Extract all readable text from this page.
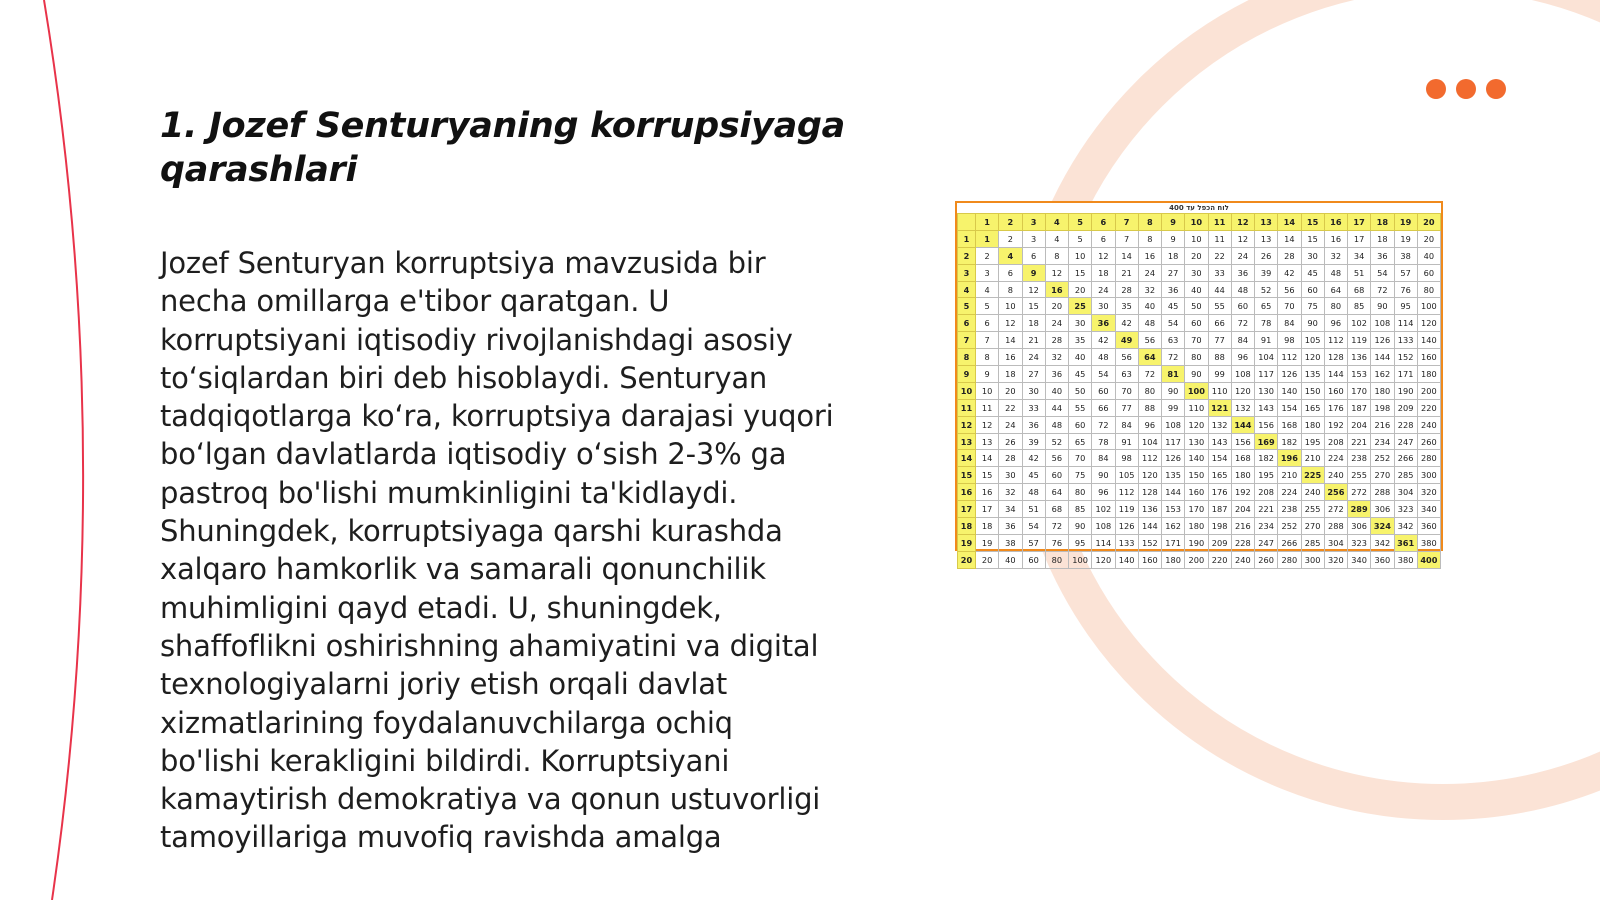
1. Jozef Senturyaning korrupsiyaga qarashlari

Jozef Senturyan korruptsiya mavzusida bir necha omillarga e'tibor qaratgan. U korruptsiyani iqtisodiy rivojlanishdagi asosiy to‘siqlardan biri deb hisoblaydi. Senturyan tadqiqotlarga ko‘ra, korruptsiya darajasi yuqori bo‘lgan davlatlarda iqtisodiy o‘sish 2-3% ga pastroq bo'lishi mumkinligini ta'kidlaydi. Shuningdek, korruptsiyaga qarshi kurashda xalqaro hamkorlik va samarali qonunchilik muhimligini qayd etadi. U, shuningdek, shaffoflikni oshirishning ahamiyatini va digital texnologiyalarni joriy etish orqali davlat xizmatlarining foydalanuvchilarga ochiq bo'lishi kerakligini bildirdi. Korruptsiyani kamaytirish demokratiya va qonun ustuvorligi tamoyillariga muvofiq ravishda amalga

לוח הכפל עד 400
	1	2	3	4	5	6	7	8	9	10	11	12	13	14	15	16	17	18	19	20
1	1	2	3	4	5	6	7	8	9	10	11	12	13	14	15	16	17	18	19	20
2	2	4	6	8	10	12	14	16	18	20	22	24	26	28	30	32	34	36	38	40
3	3	6	9	12	15	18	21	24	27	30	33	36	39	42	45	48	51	54	57	60
4	4	8	12	16	20	24	28	32	36	40	44	48	52	56	60	64	68	72	76	80
5	5	10	15	20	25	30	35	40	45	50	55	60	65	70	75	80	85	90	95	100
6	6	12	18	24	30	36	42	48	54	60	66	72	78	84	90	96	102	108	114	120
7	7	14	21	28	35	42	49	56	63	70	77	84	91	98	105	112	119	126	133	140
8	8	16	24	32	40	48	56	64	72	80	88	96	104	112	120	128	136	144	152	160
9	9	18	27	36	45	54	63	72	81	90	99	108	117	126	135	144	153	162	171	180
10	10	20	30	40	50	60	70	80	90	100	110	120	130	140	150	160	170	180	190	200
11	11	22	33	44	55	66	77	88	99	110	121	132	143	154	165	176	187	198	209	220
12	12	24	36	48	60	72	84	96	108	120	132	144	156	168	180	192	204	216	228	240
13	13	26	39	52	65	78	91	104	117	130	143	156	169	182	195	208	221	234	247	260
14	14	28	42	56	70	84	98	112	126	140	154	168	182	196	210	224	238	252	266	280
15	15	30	45	60	75	90	105	120	135	150	165	180	195	210	225	240	255	270	285	300
16	16	32	48	64	80	96	112	128	144	160	176	192	208	224	240	256	272	288	304	320
17	17	34	51	68	85	102	119	136	153	170	187	204	221	238	255	272	289	306	323	340
18	18	36	54	72	90	108	126	144	162	180	198	216	234	252	270	288	306	324	342	360
19	19	38	57	76	95	114	133	152	171	190	209	228	247	266	285	304	323	342	361	380
20	20	40	60	80	100	120	140	160	180	200	220	240	260	280	300	320	340	360	380	400
